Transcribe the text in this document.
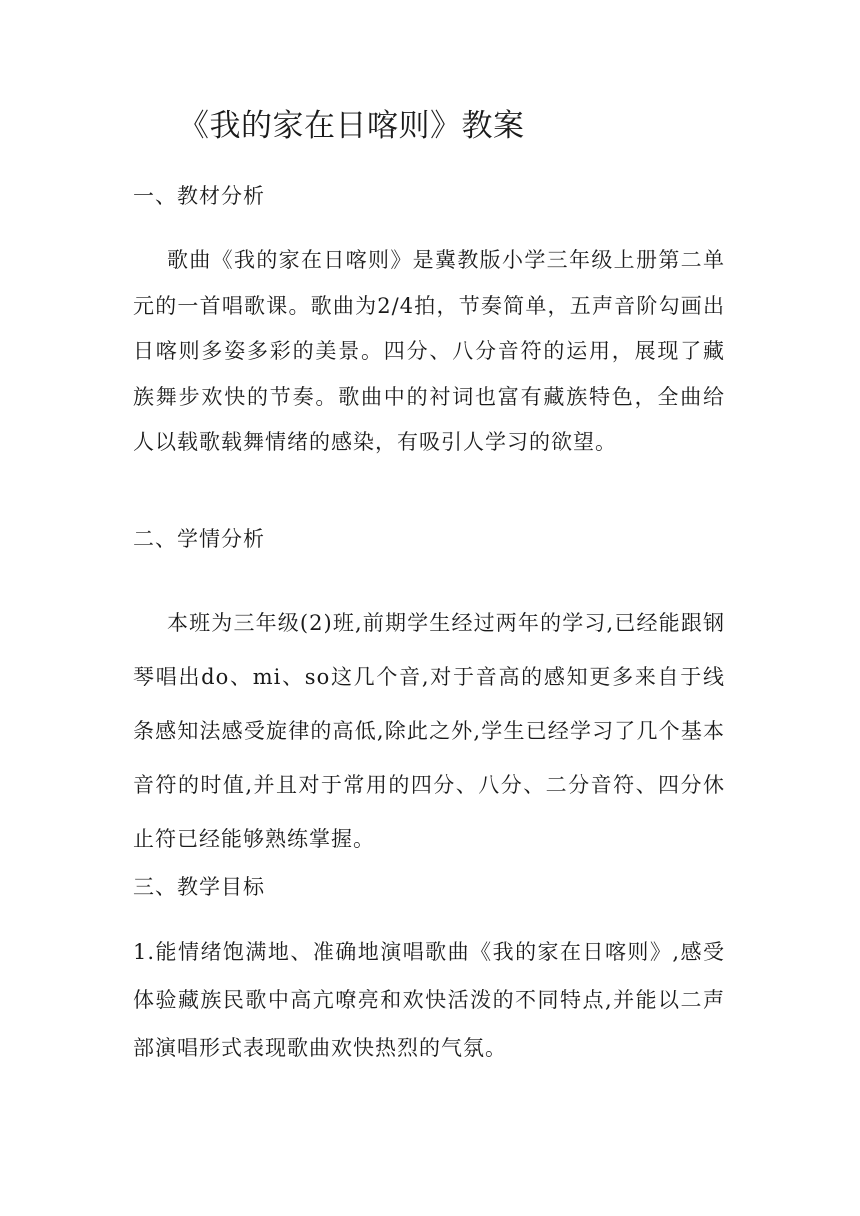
《我的家在日喀则》教案
一、教材分析

歌曲《我的家在日喀则》是冀教版小学三年级上册第二单元的一首唱歌课。歌曲为2/4拍，节奏简单，五声音阶勾画出日喀则多姿多彩的美景。四分、八分音符的运用，展现了藏族舞步欢快的节奏。歌曲中的衬词也富有藏族特色，全曲给人以载歌载舞情绪的感染，有吸引人学习的欲望。

二、学情分析

本班为三年级(2)班,前期学生经过两年的学习,已经能跟钢琴唱出do、mi、so这几个音,对于音高的感知更多来自于线条感知法感受旋律的高低,除此之外,学生已经学习了几个基本音符的时值,并且对于常用的四分、八分、二分音符、四分休止符已经能够熟练掌握。

三、教学目标

1.能情绪饱满地、准确地演唱歌曲《我的家在日喀则》,感受体验藏族民歌中高亢嘹亮和欢快活泼的不同特点,并能以二声部演唱形式表现歌曲欢快热烈的气氛。
